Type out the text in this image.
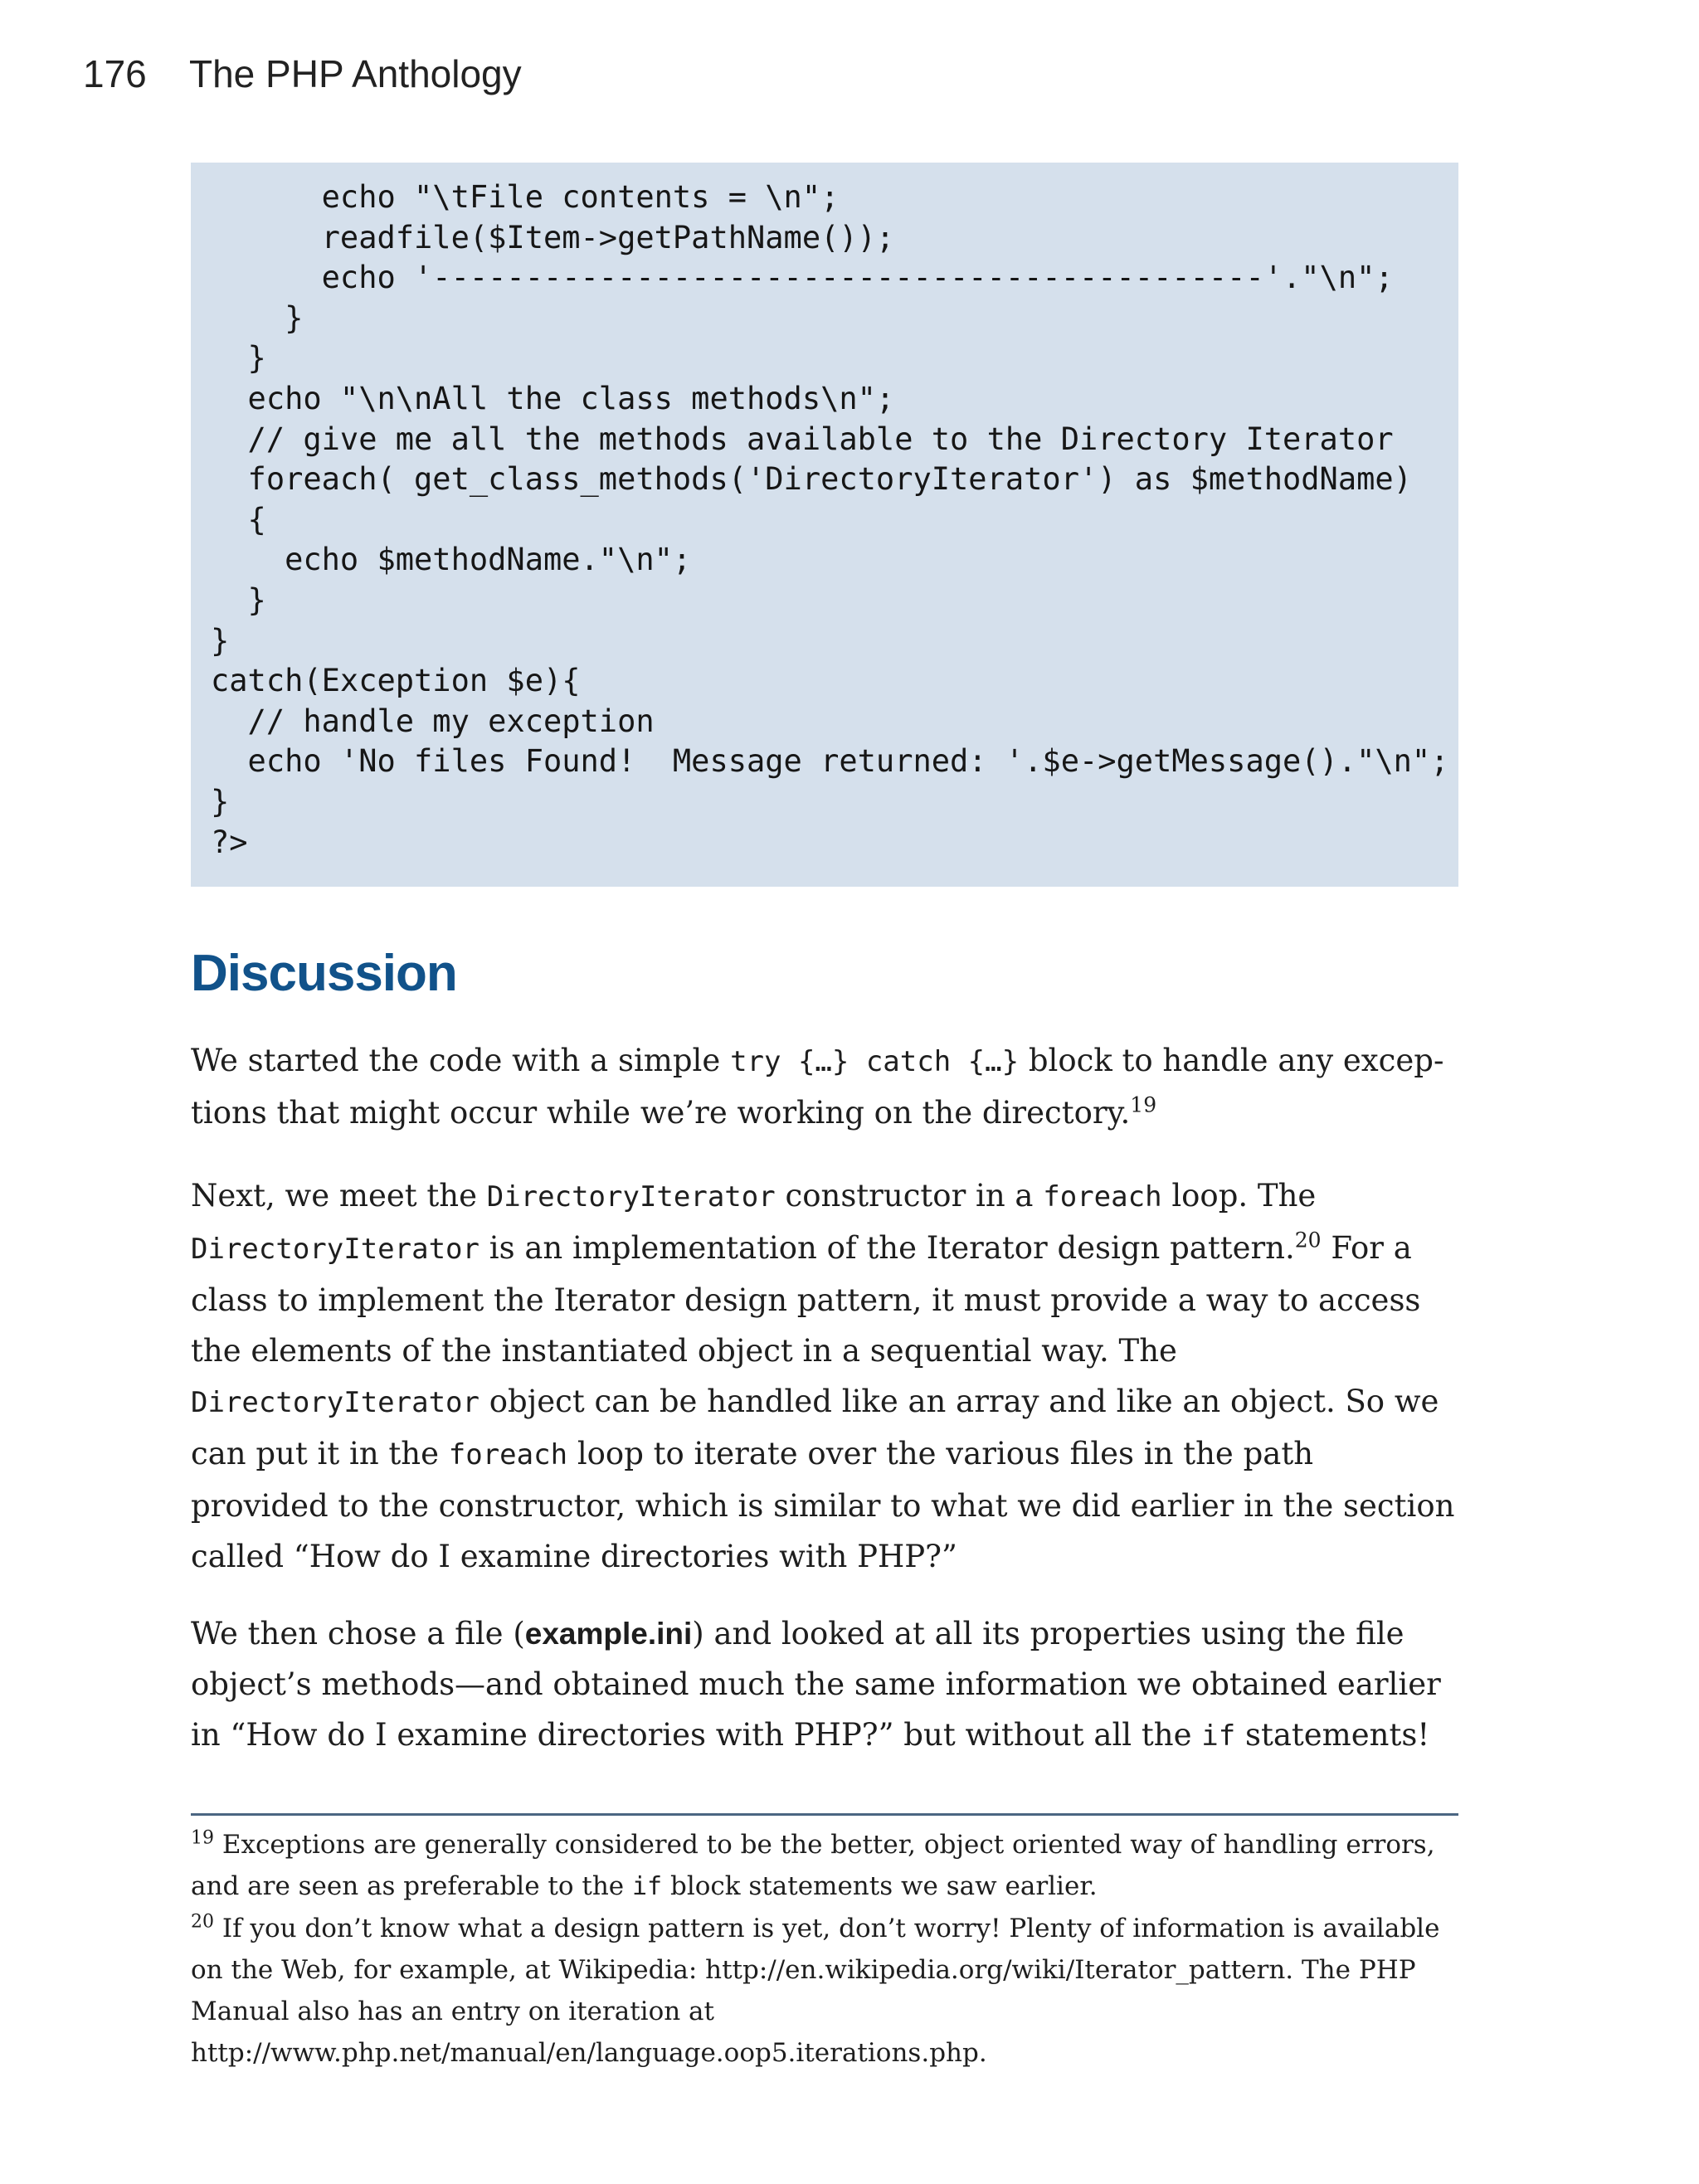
176 The PHP Anthology
echo "\tFile contents = \n";
readfile($Item->getPathName());
echo '---------------------------------------------'."\n";
}
}
echo "\n\nAll the class methods\n";
// give me all the methods available to the Directory Iterator
foreach( get_class_methods('DirectoryIterator') as $methodName)
{
echo $methodName."\n";
}
}
catch(Exception $e){
// handle my exception
echo 'No files Found!  Message returned: '.$e->getMessage()."\n";
}
?>
Discussion

We started the code with a simple try {…} catch {…} block to handle any exceptions that might occur while we’re working on the directory.$^{19}$

Next, we meet the DirectoryIterator constructor in a foreach loop. The DirectoryIterator is an implementation of the Iterator design pattern.$^{20}$ For a class to implement the Iterator design pattern, it must provide a way to access the elements of the instantiated object in a sequential way. The DirectoryIterator object can be handled like an array and like an object. So we can put it in the foreach loop to iterate over the various files in the path provided to the constructor, which is similar to what we did earlier in the section called “How do I examine directories with PHP?”

We then chose a file (example.ini) and looked at all its properties using the file object’s methods—and obtained much the same information we obtained earlier in “How do I examine directories with PHP?” but without all the if statements!

$^{19}$ Exceptions are generally considered to be the better, object oriented way of handling errors, and are seen as preferable to the if block statements we saw earlier.

$^{20}$ If you don’t know what a design pattern is yet, don’t worry! Plenty of information is available on the Web, for example, at Wikipedia: http://en.wikipedia.org/wiki/Iterator_pattern. The PHP Manual also has an entry on iteration at http://www.php.net/manual/en/language.oop5.iterations.php.
